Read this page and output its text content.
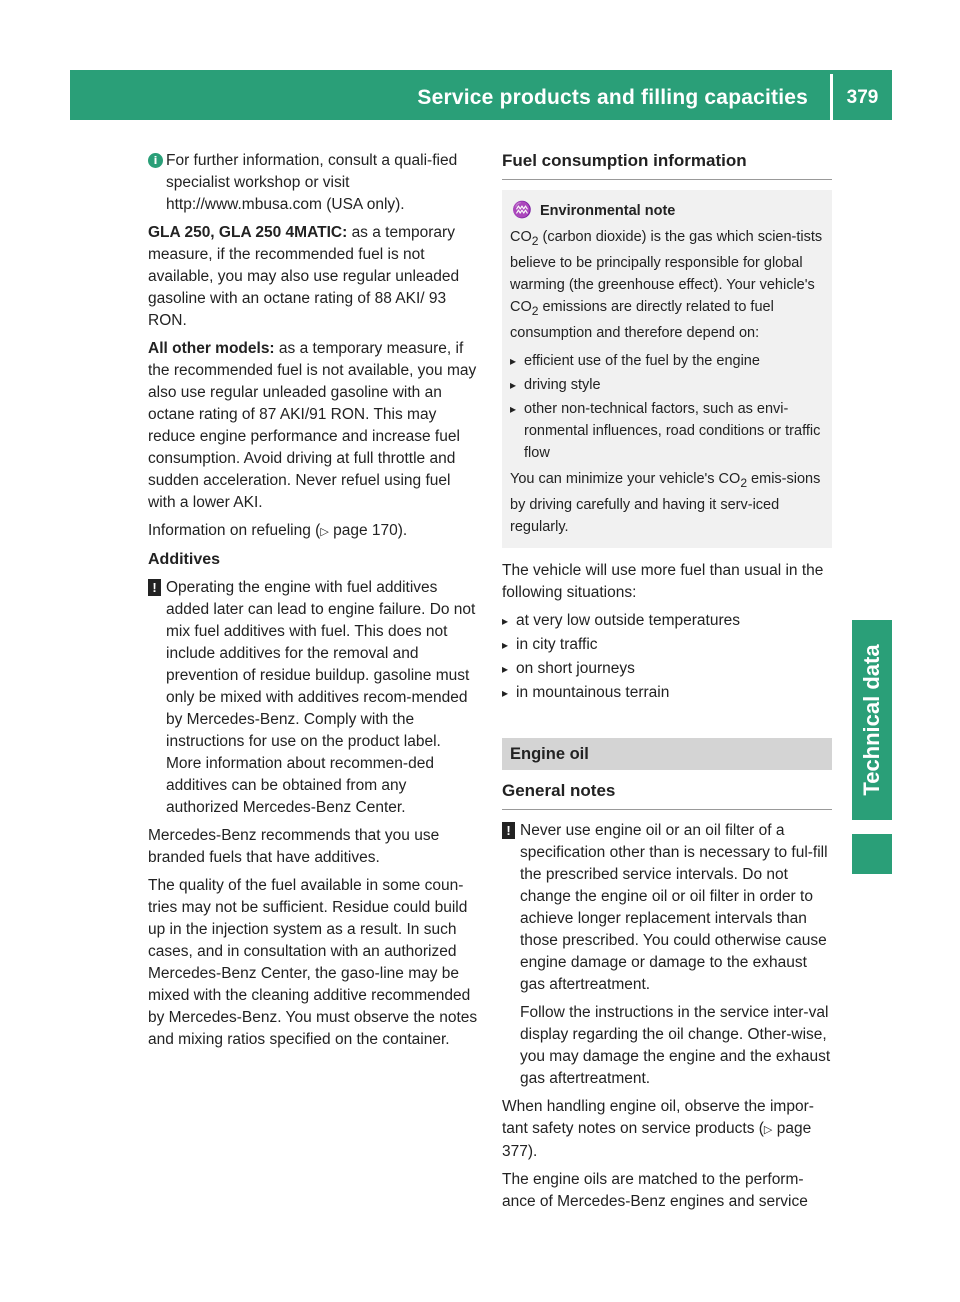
Service products and filling capacities	379
Technical data
i For further information, consult a quali-fied specialist workshop or visit http://www.mbusa.com (USA only).

GLA 250, GLA 250 4MATIC: as a temporary measure, if the recommended fuel is not available, you may also use regular unleaded gasoline with an octane rating of 88 AKI/ 93 RON.

All other models: as a temporary measure, if the recommended fuel is not available, you may also use regular unleaded gasoline with an octane rating of 87 AKI/91 RON. This may reduce engine performance and increase fuel consumption. Avoid driving at full throttle and sudden acceleration. Never refuel using fuel with a lower AKI.

Information on refueling (▷ page 170).

Additives
! Operating the engine with fuel additives added later can lead to engine failure. Do not mix fuel additives with fuel. This does not include additives for the removal and prevention of residue buildup. gasoline must only be mixed with additives recom-mended by Mercedes-Benz. Comply with the instructions for use on the product label. More information about recommen-ded additives can be obtained from any authorized Mercedes-Benz Center.

Mercedes-Benz recommends that you use branded fuels that have additives.

The quality of the fuel available in some coun-tries may not be sufficient. Residue could build up in the injection system as a result. In such cases, and in consultation with an authorized Mercedes-Benz Center, the gaso-line may be mixed with the cleaning additive recommended by Mercedes-Benz. You must observe the notes and mixing ratios specified on the container.

Fuel consumption information
♒ Environmental note

$CO_2$ (carbon dioxide) is the gas which scien-tists believe to be principally responsible for global warming (the greenhouse effect). Your vehicle's $CO_2$ emissions are directly related to fuel consumption and therefore depend on:

▸ efficient use of the fuel by the engine
▸ driving style
▸ other non-technical factors, such as envi-ronmental influences, road conditions or traffic flow

You can minimize your vehicle's $CO_2$ emis-sions by driving carefully and having it serv-iced regularly.

The vehicle will use more fuel than usual in the following situations:

▸ at very low outside temperatures
▸ in city traffic
▸ on short journeys
▸ in mountainous terrain
Engine oil
General notes
! Never use engine oil or an oil filter of a specification other than is necessary to ful-fill the prescribed service intervals. Do not change the engine oil or oil filter in order to achieve longer replacement intervals than those prescribed. You could otherwise cause engine damage or damage to the exhaust gas aftertreatment.

Follow the instructions in the service inter-val display regarding the oil change. Other-wise, you may damage the engine and the exhaust gas aftertreatment.

When handling engine oil, observe the impor-tant safety notes on service products (▷ page 377).

The engine oils are matched to the perform-ance of Mercedes-Benz engines and service
